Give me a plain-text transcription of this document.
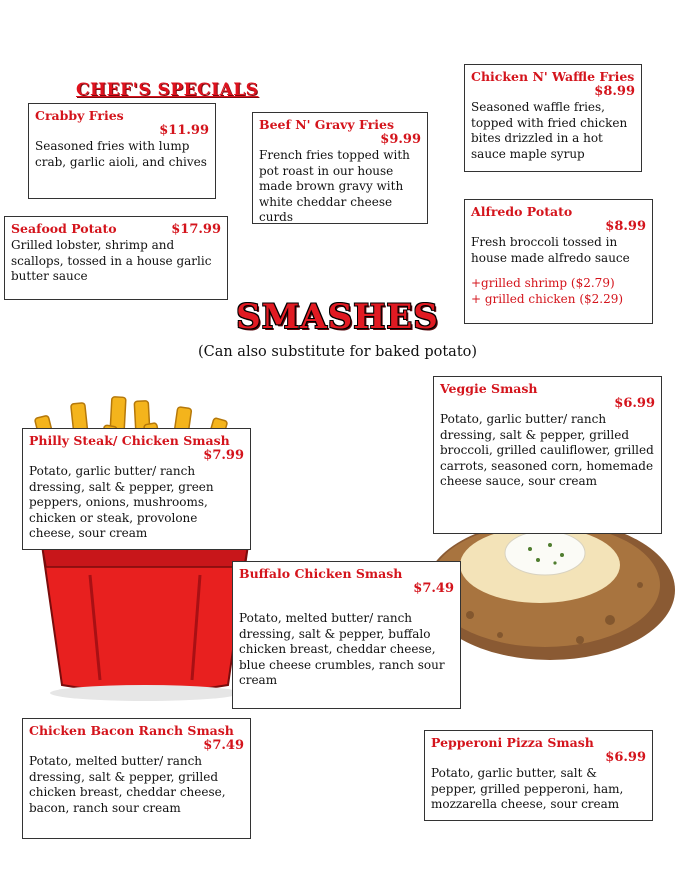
CHEF'S SPECIALS
Crabby Fries
$11.99
Seasoned fries with lump crab, garlic aioli, and chives
Beef N' Gravy Fries
$9.99
French fries topped with pot roast in our house made brown gravy with white cheddar cheese curds
Chicken N' Waffle Fries
$8.99
Seasoned waffle fries, topped with fried chicken bites drizzled in a hot sauce maple syrup
Seafood Potato	$17.99
Grilled lobster, shrimp and scallops, tossed in a house garlic butter sauce
Alfredo Potato
$8.99
Fresh broccoli tossed in house made alfredo sauce
+grilled shrimp ($2.79)
+ grilled chicken ($2.29)
SMASHES
(Can also substitute for baked potato)
Veggie Smash
$6.99
Potato, garlic butter/ ranch dressing, salt & pepper, grilled broccoli, grilled cauliflower, grilled carrots, seasoned corn, homemade cheese sauce, sour cream
Philly Steak/ Chicken Smash
$7.99
Potato, garlic butter/ ranch dressing, salt & pepper, green peppers, onions, mushrooms, chicken or steak, provolone cheese, sour cream
Buffalo Chicken Smash
$7.49
Potato, melted butter/ ranch dressing, salt & pepper, buffalo chicken breast, cheddar cheese, blue cheese crumbles, ranch sour cream
Chicken Bacon Ranch Smash
$7.49
Potato, melted butter/ ranch dressing, salt & pepper, grilled chicken breast, cheddar cheese, bacon, ranch sour cream
Pepperoni Pizza Smash
$6.99
Potato, garlic butter, salt & pepper, grilled pepperoni, ham, mozzarella cheese, sour cream
